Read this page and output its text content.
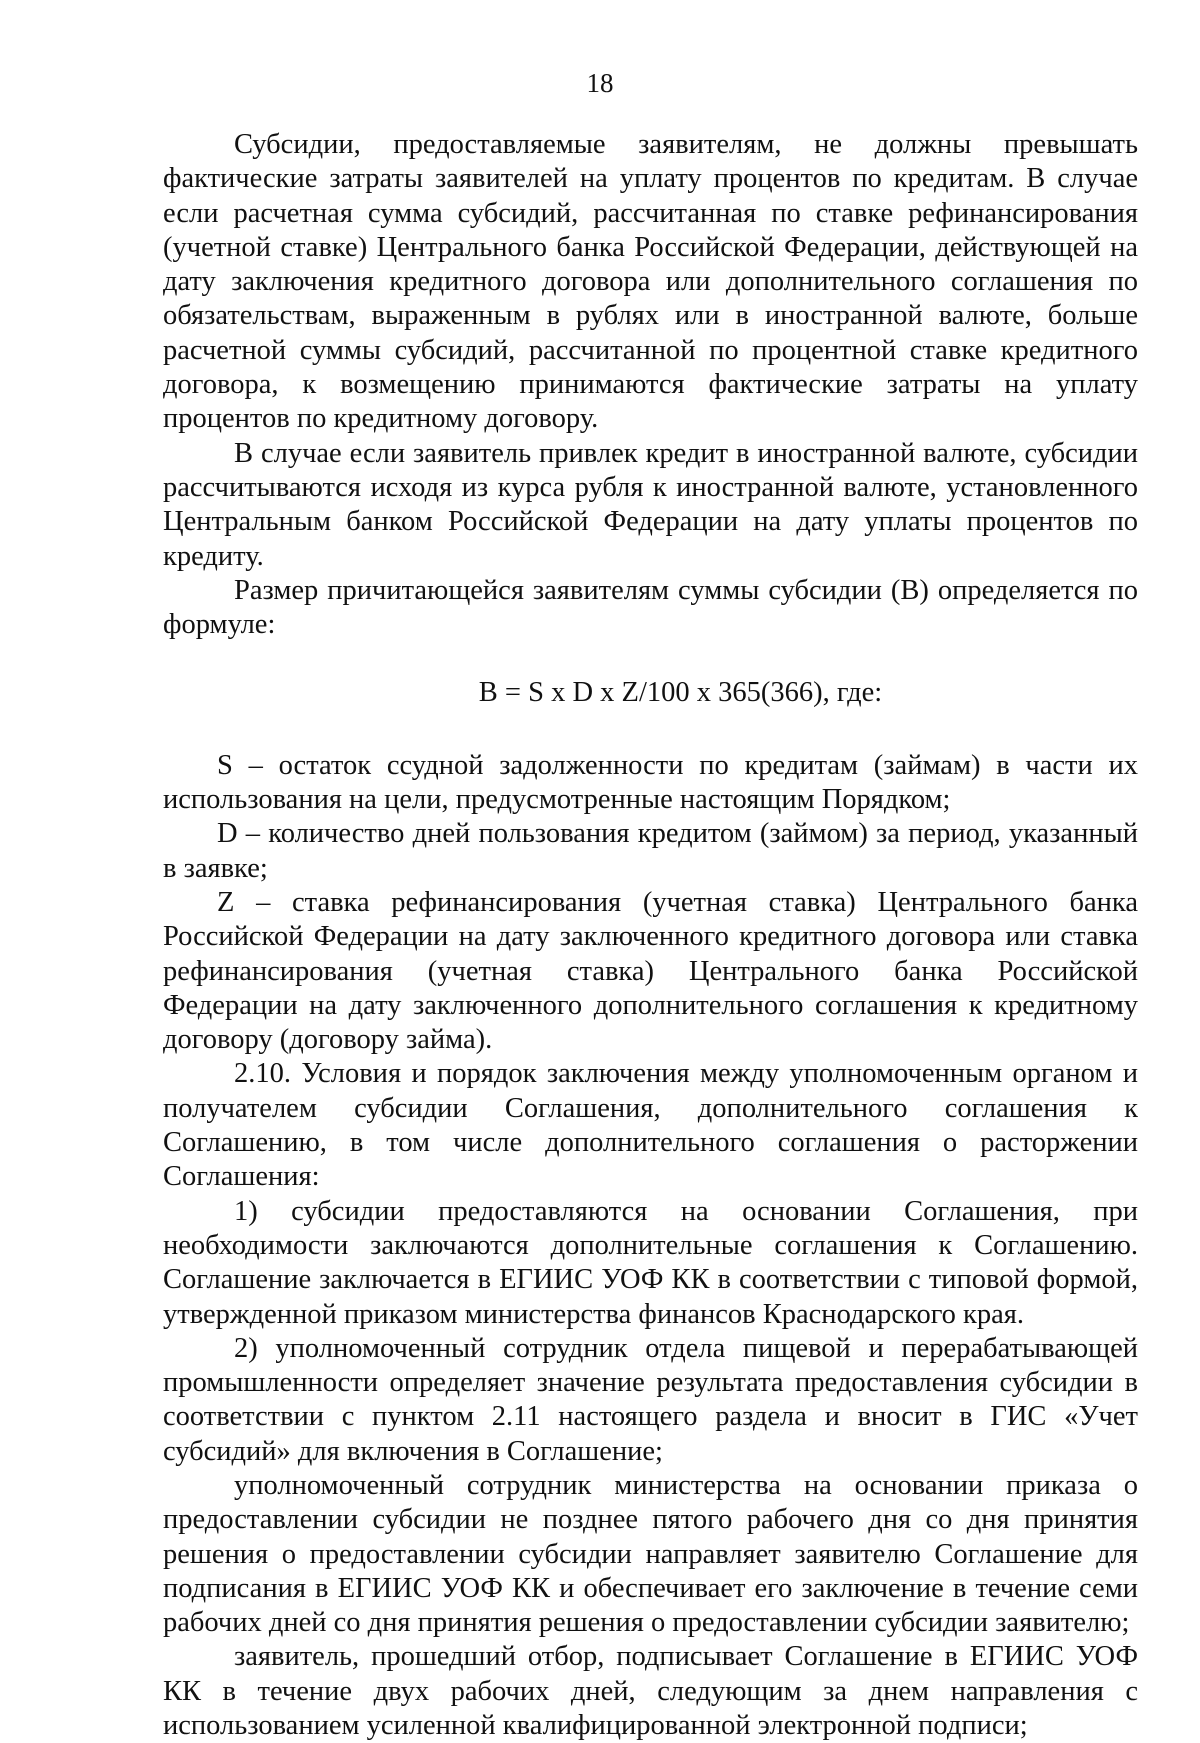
18

Субсидии, предоставляемые заявителям, не должны превышать фактические затраты заявителей на уплату процентов по кредитам. В случае если расчетная сумма субсидий, рассчитанная по ставке рефинансирования (учетной ставке) Центрального банка Российской Федерации, действующей на дату заключения кредитного договора или дополнительного соглашения по обязательствам, выраженным в рублях или в иностранной валюте, больше расчетной суммы субсидий, рассчитанной по процентной ставке кредитного договора, к возмещению принимаются фактические затраты на уплату процентов по кредитному договору.

В случае если заявитель привлек кредит в иностранной валюте, субсидии рассчитываются исходя из курса рубля к иностранной валюте, установленного Центральным банком Российской Федерации на дату уплаты процентов по кредиту.

Размер причитающейся заявителям суммы субсидии (В) определяется по формуле:

В = S х D х Z/100 х 365(366), где:

S – остаток ссудной задолженности по кредитам (займам) в части их использования на цели, предусмотренные настоящим Порядком;

D – количество дней пользования кредитом (займом) за период, указанный в заявке;

Z – ставка рефинансирования (учетная ставка) Центрального банка Российской Федерации на дату заключенного кредитного договора или ставка рефинансирования (учетная ставка) Центрального банка Российской Федерации на дату заключенного дополнительного соглашения к кредитному договору (договору займа).

2.10. Условия и порядок заключения между уполномоченным органом и получателем субсидии Соглашения, дополнительного соглашения к Соглашению, в том числе дополнительного соглашения о расторжении Соглашения:

1) субсидии предоставляются на основании Соглашения, при необходимости заключаются дополнительные соглашения к Соглашению. Соглашение заключается в ЕГИИС УОФ КК в соответствии с типовой формой, утвержденной приказом министерства финансов Краснодарского края.

2) уполномоченный сотрудник отдела пищевой и перерабатывающей промышленности определяет значение результата предоставления субсидии в соответствии с пунктом 2.11 настоящего раздела и вносит в ГИС «Учет субсидий» для включения в Соглашение;

уполномоченный сотрудник министерства на основании приказа о предоставлении субсидии не позднее пятого рабочего дня со дня принятия решения о предоставлении субсидии направляет заявителю Соглашение для подписания в ЕГИИС УОФ КК и обеспечивает его заключение в течение семи рабочих дней со дня принятия решения о предоставлении субсидии заявителю;

заявитель, прошедший отбор, подписывает Соглашение в ЕГИИС УОФ КК в течение двух рабочих дней, следующим за днем направления с использованием усиленной квалифицированной электронной подписи;
